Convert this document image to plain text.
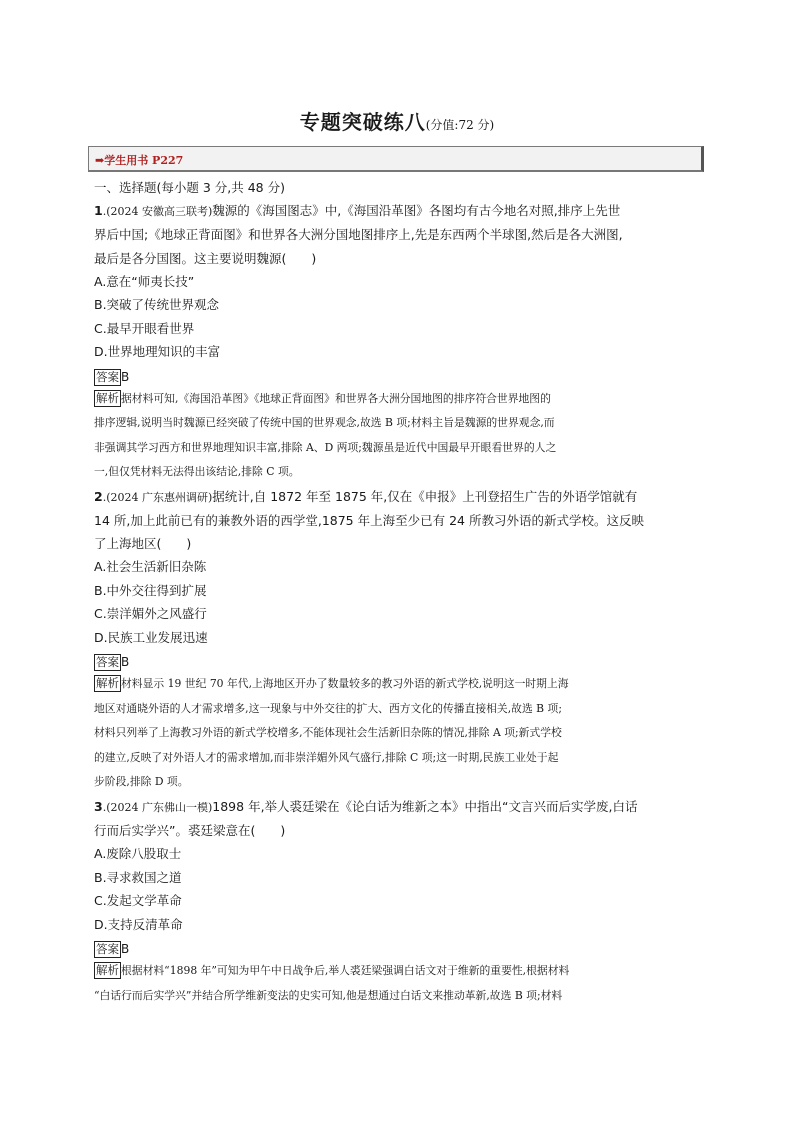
专题突破练八(分值:72 分)
➡学生用书 P227
一、选择题(每小题 3 分,共 48 分)
1.(2024 安徽高三联考)魏源的《海国图志》中,《海国沿革图》各图均有古今地名对照,排序上先世
界后中国;《地球正背面图》和世界各大洲分国地图排序上,先是东西两个半球图,然后是各大洲图,
最后是各分国图。这主要说明魏源(　　)
A.意在“师夷长技”
B.突破了传统世界观念
C.最早开眼看世界
D.世界地理知识的丰富
答案 B
解析 据材料可知,《海国沿革图》《地球正背面图》和世界各大洲分国地图的排序符合世界地图的
排序逻辑,说明当时魏源已经突破了传统中国的世界观念,故选 B 项;材料主旨是魏源的世界观念,而
非强调其学习西方和世界地理知识丰富,排除 A、D 两项;魏源虽是近代中国最早开眼看世界的人之
一,但仅凭材料无法得出该结论,排除 C 项。
2.(2024 广东惠州调研)据统计,自 1872 年至 1875 年,仅在《申报》上刊登招生广告的外语学馆就有
14 所,加上此前已有的兼教外语的西学堂,1875 年上海至少已有 24 所教习外语的新式学校。这反映
了上海地区(　　)
A.社会生活新旧杂陈
B.中外交往得到扩展
C.崇洋媚外之风盛行
D.民族工业发展迅速
答案 B
解析 材料显示 19 世纪 70 年代,上海地区开办了数量较多的教习外语的新式学校,说明这一时期上海
地区对通晓外语的人才需求增多,这一现象与中外交往的扩大、西方文化的传播直接相关,故选 B 项;
材料只列举了上海教习外语的新式学校增多,不能体现社会生活新旧杂陈的情况,排除 A 项;新式学校
的建立,反映了对外语人才的需求增加,而非崇洋媚外风气盛行,排除 C 项;这一时期,民族工业处于起
步阶段,排除 D 项。
3.(2024 广东佛山一模)1898 年,举人裘廷梁在《论白话为维新之本》中指出“文言兴而后实学废,白话
行而后实学兴”。裘廷梁意在(　　)
A.废除八股取士
B.寻求救国之道
C.发起文学革命
D.支持反清革命
答案 B
解析 根据材料“1898 年”可知为甲午中日战争后,举人裘廷梁强调白话文对于维新的重要性,根据材料
“白话行而后实学兴”并结合所学维新变法的史实可知,他是想通过白话文来推动革新,故选 B 项;材料
